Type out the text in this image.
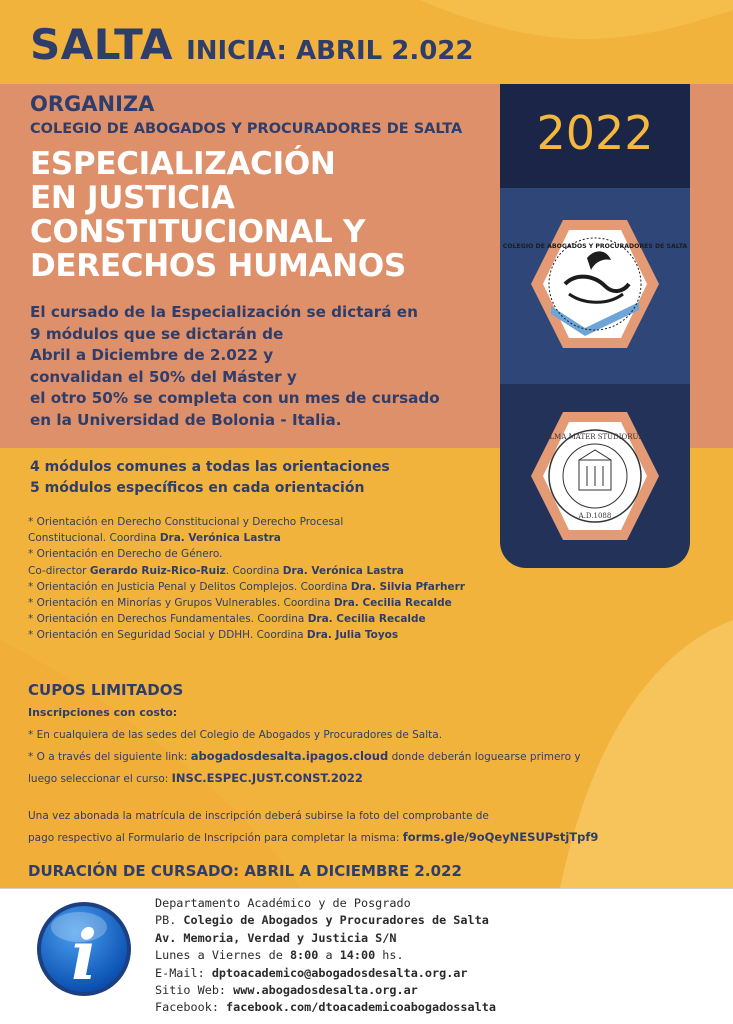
SALTA INICIA: ABRIL 2.022
2022
COLEGIO DE ABOGADOS Y PROCURADORES DE SALTA
ALMA MATER STUDIORUM
A.D.1088
ORGANIZA
COLEGIO DE ABOGADOS Y PROCURADORES DE SALTA
ESPECIALIZACIÓN
EN JUSTICIA
CONSTITUCIONAL Y
DERECHOS HUMANOS
El cursado de la Especialización se dictará en
9 módulos que se dictarán de
Abril a Diciembre de 2.022 y
convalidan el 50% del Máster y
el otro 50% se completa con un mes de cursado
en la Universidad de Bolonia - Italia.
4 módulos comunes a todas las orientaciones
5 módulos específicos en cada orientación
* Orientación en Derecho Constitucional y Derecho Procesal
Constitucional. Coordina Dra. Verónica Lastra
* Orientación en Derecho de Género.
Co-director Gerardo Ruiz-Rico-Ruiz. Coordina Dra. Verónica Lastra
* Orientación en Justicia Penal y Delitos Complejos. Coordina Dra. Silvia Pfarherr
* Orientación en Minorías y Grupos Vulnerables. Coordina Dra. Cecilia Recalde
* Orientación en Derechos Fundamentales. Coordina Dra. Cecilia Recalde
* Orientación en Seguridad Social y DDHH. Coordina Dra. Julia Toyos
CUPOS LIMITADOS
Inscripciones con costo:
* En cualquiera de las sedes del Colegio de Abogados y Procuradores de Salta.
* O a través del siguiente link: abogadosdesalta.ipagos.cloud donde deberán loguearse primero y
luego seleccionar el curso: INSC.ESPEC.JUST.CONST.2022
Una vez abonada la matrícula de inscripción deberá subirse la foto del comprobante de
pago respectivo al Formulario de Inscripción para completar la misma: forms.gle/9oQeyNESUPstjTpf9
DURACIÓN DE CURSADO: ABRIL A DICIEMBRE 2.022
i
Departamento Académico y de Posgrado
PB. Colegio de Abogados y Procuradores de Salta
Av. Memoria, Verdad y Justicia S/N
Lunes a Viernes de 8:00 a 14:00 hs.
E-Mail: dptoacademico@abogadosdesalta.org.ar
Sitio Web: www.abogadosdesalta.org.ar
Facebook: facebook.com/dtoacademicoabogadossalta
